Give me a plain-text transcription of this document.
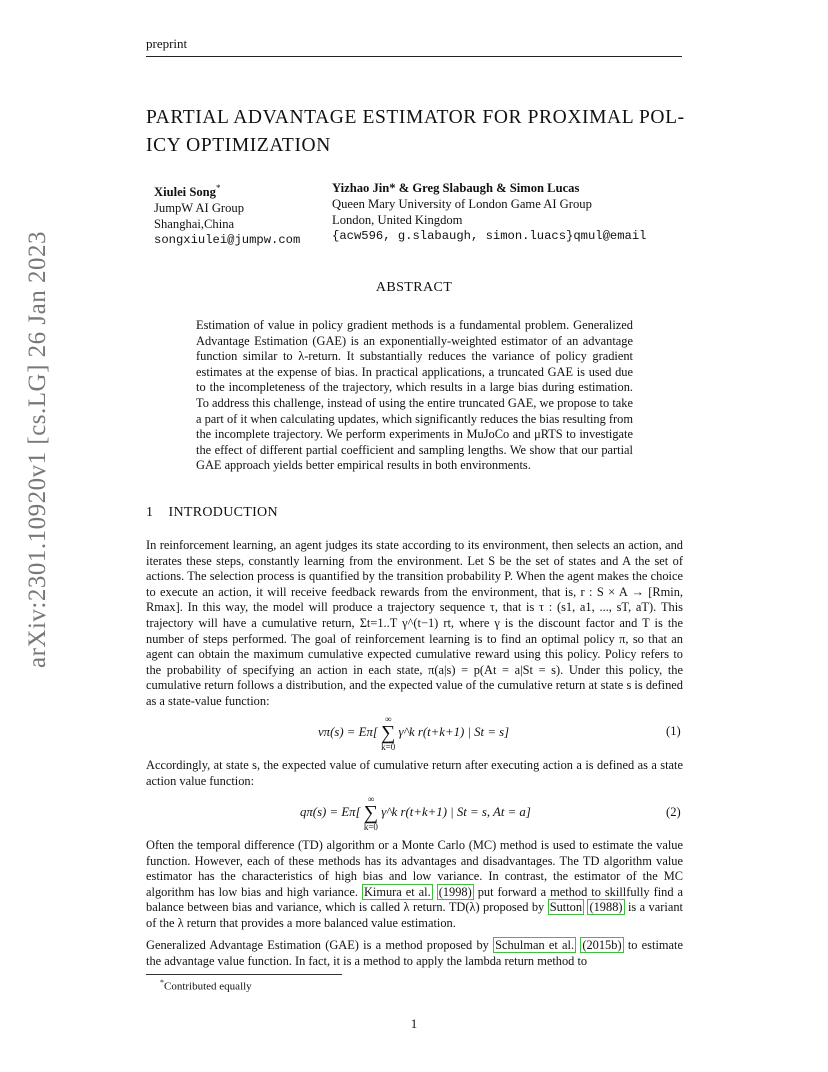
preprint
PARTIAL ADVANTAGE ESTIMATOR FOR PROXIMAL POL-
ICY OPTIMIZATION
Xiulei Song*
JumpW AI Group
Shanghai,China
songxiulei@jumpw.com
Yizhao Jin* & Greg Slabaugh & Simon Lucas
Queen Mary University of London Game AI Group
London, United Kingdom
{acw596, g.slabaugh, simon.luacs}qmul@email
ABSTRACT
Estimation of value in policy gradient methods is a fundamental problem. Generalized Advantage Estimation (GAE) is an exponentially-weighted estimator of an advantage function similar to λ-return. It substantially reduces the variance of policy gradient estimates at the expense of bias. In practical applications, a truncated GAE is used due to the incompleteness of the trajectory, which results in a large bias during estimation. To address this challenge, instead of using the entire truncated GAE, we propose to take a part of it when calculating updates, which significantly reduces the bias resulting from the incomplete trajectory. We perform experiments in MuJoCo and μRTS to investigate the effect of different partial coefficient and sampling lengths. We show that our partial GAE approach yields better empirical results in both environments.
1 INTRODUCTION
In reinforcement learning, an agent judges its state according to its environment, then selects an action, and iterates these steps, constantly learning from the environment. Let S be the set of states and A the set of actions. The selection process is quantified by the transition probability P. When the agent makes the choice to execute an action, it will receive feedback rewards from the environment, that is, r : S × A → [Rmin, Rmax]. In this way, the model will produce a trajectory sequence τ, that is τ : (s1, a1, ..., sT, aT). This trajectory will have a cumulative return, Σt=1..T γ^(t−1) rt, where γ is the discount factor and T is the number of steps performed. The goal of reinforcement learning is to find an optimal policy π, so that an agent can obtain the maximum cumulative expected cumulative reward using this policy. Policy refers to the probability of specifying an action in each state, π(a|s) = p(At = a|St = s). Under this policy, the cumulative return follows a distribution, and the expected value of the cumulative return at state s is defined as a state-value function:
vπ(s) = Eπ[
∞
∑
k=0
γ^k r(t+k+1) | St = s]	(1)
Accordingly, at state s, the expected value of cumulative return after executing action a is defined as a state action value function:
qπ(s) = Eπ[
∞
∑
k=0
γ^k r(t+k+1) | St = s, At = a]	(2)
Often the temporal difference (TD) algorithm or a Monte Carlo (MC) method is used to estimate the value function. However, each of these methods has its advantages and disadvantages. The TD algorithm value estimator has the characteristics of high bias and low variance. In contrast, the estimator of the MC algorithm has low bias and high variance. Kimura et al. (1998) put forward a method to skillfully find a balance between bias and variance, which is called λ return. TD(λ) proposed by Sutton (1988) is a variant of the λ return that provides a more balanced value estimation.
Generalized Advantage Estimation (GAE) is a method proposed by Schulman et al. (2015b) to estimate the advantage value function. In fact, it is a method to apply the lambda return method to
*Contributed equally
1
arXiv:2301.10920v1 [cs.LG] 26 Jan 2023
